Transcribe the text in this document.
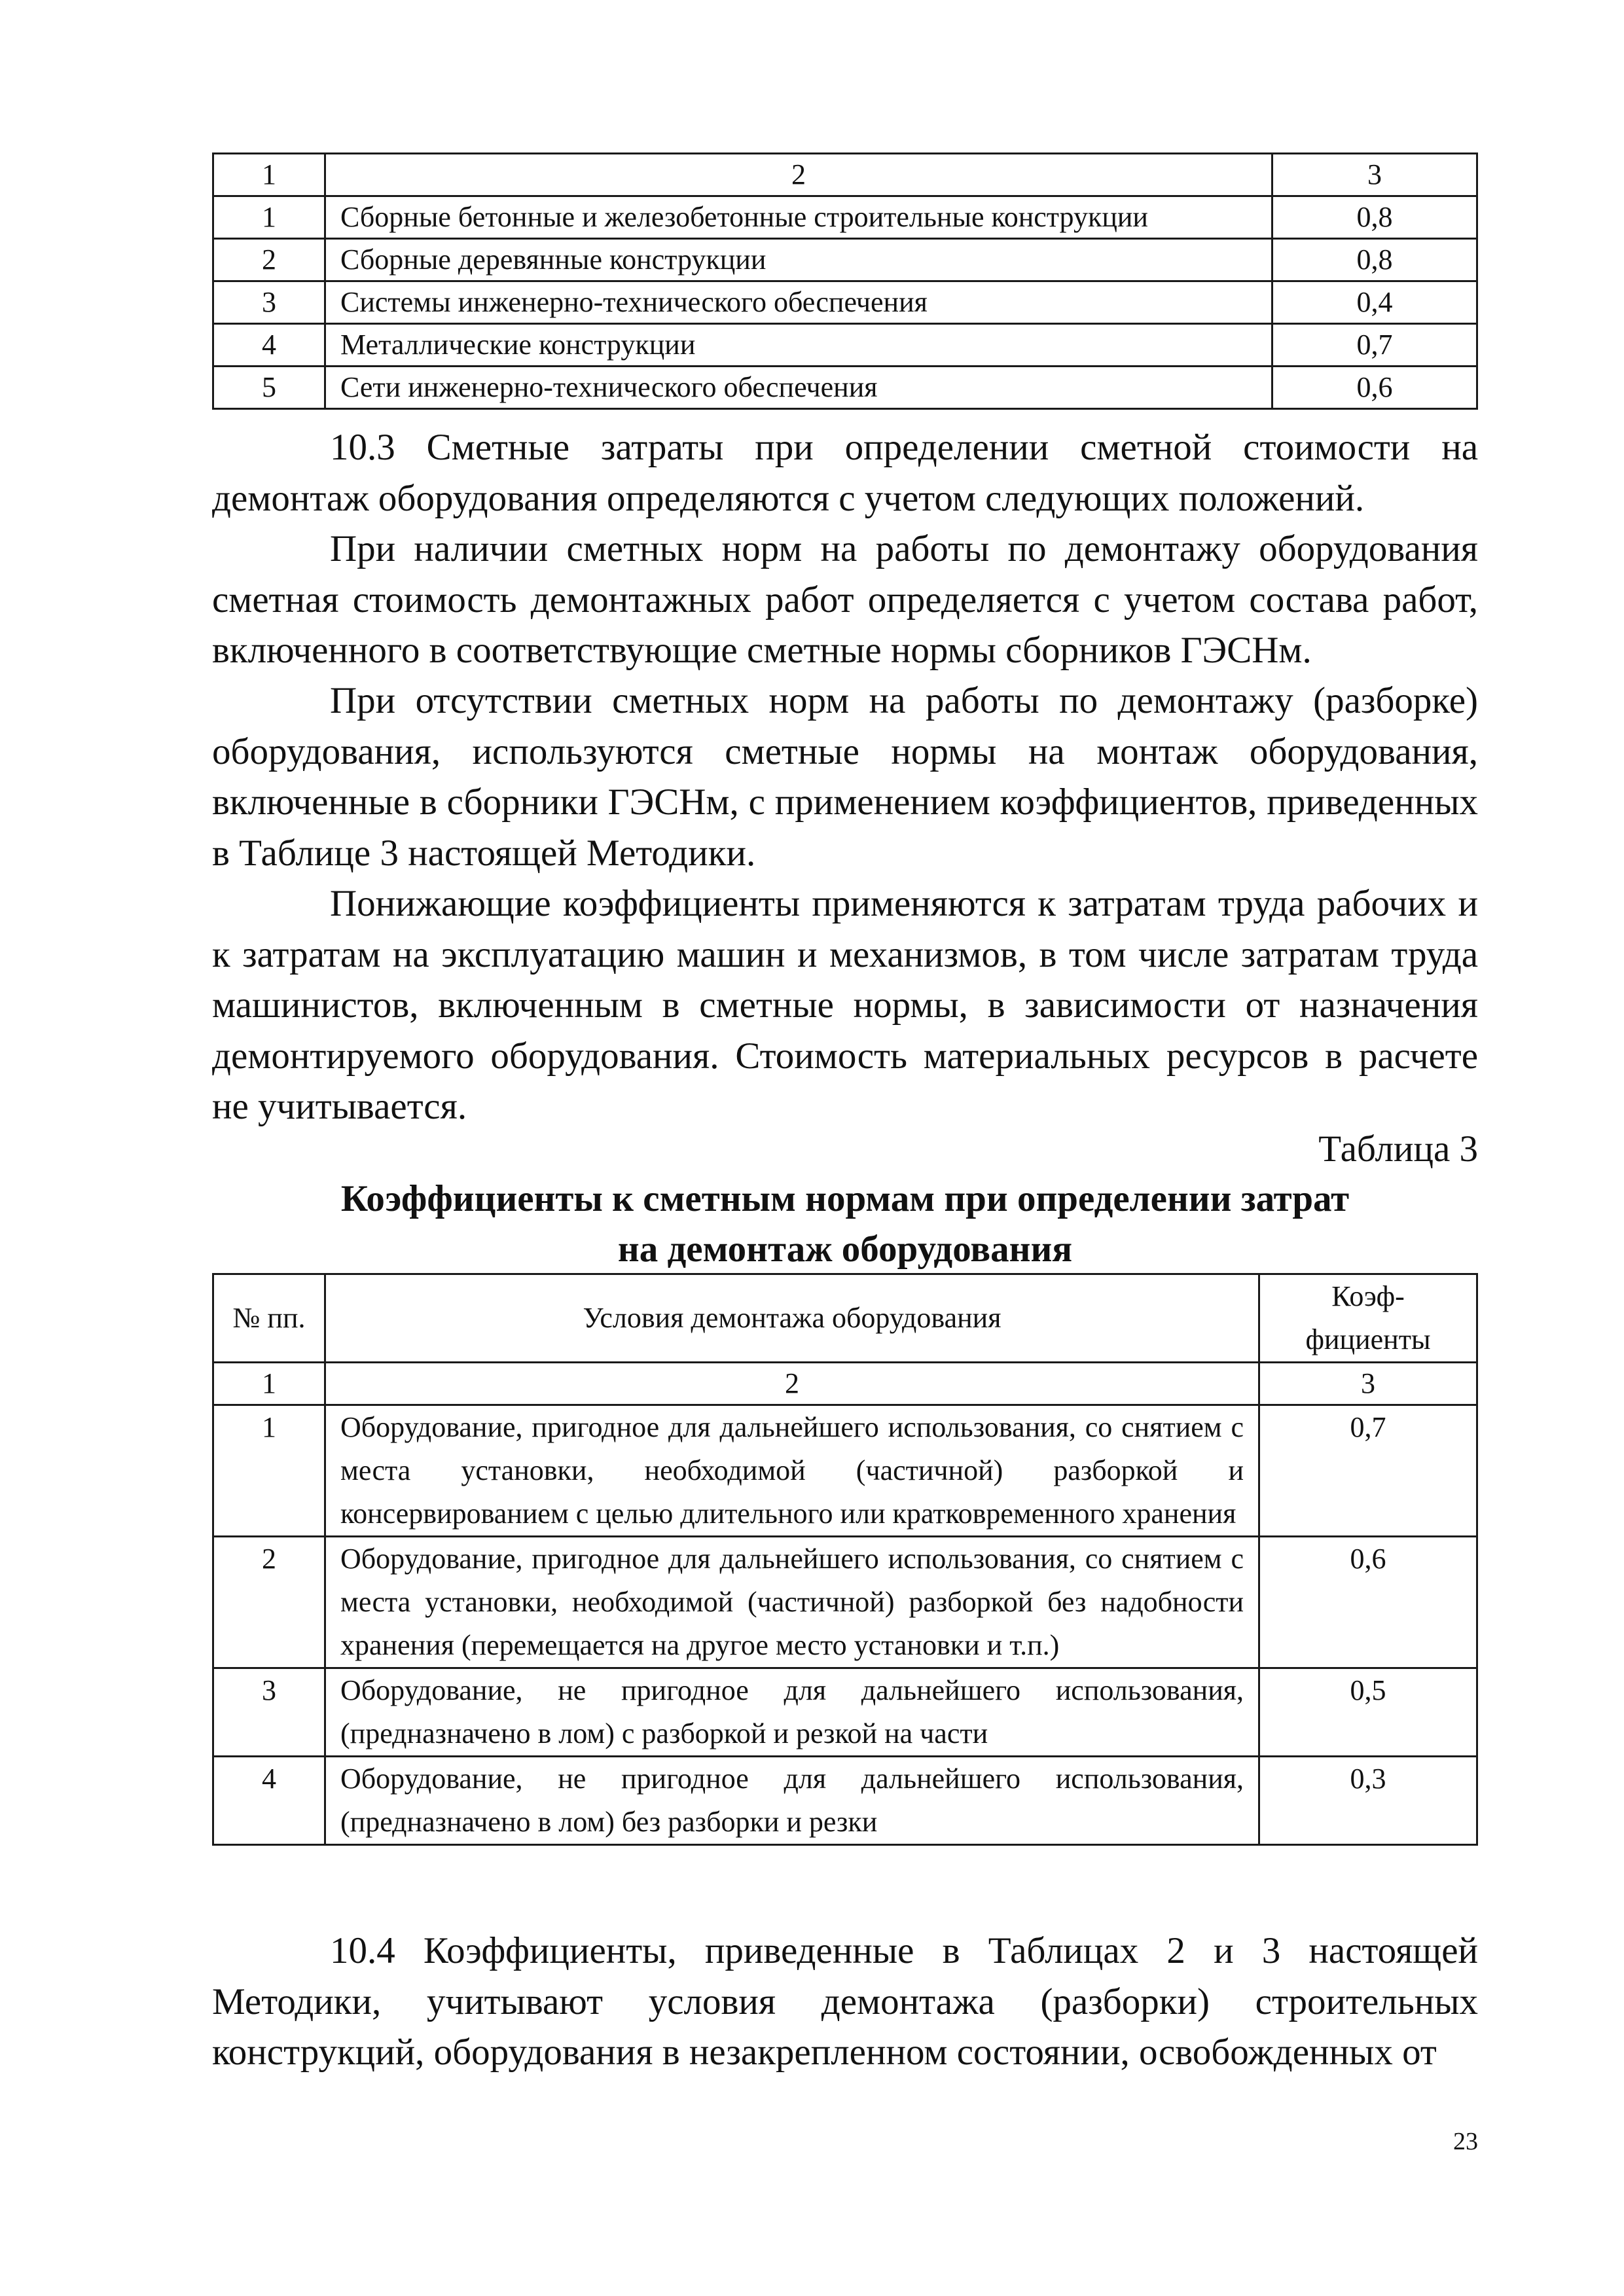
1	2	3
1	Сборные бетонные и железобетонные строительные конструкции	0,8
2	Сборные деревянные конструкции	0,8
3	Системы инженерно-технического обеспечения	0,4
4	Металлические конструкции	0,7
5	Сети инженерно-технического обеспечения	0,6

10.3 Сметные затраты при определении сметной стоимости на демонтаж оборудования определяются с учетом следующих положений.

При наличии сметных норм на работы по демонтажу оборудования сметная стоимость демонтажных работ определяется с учетом состава работ, включенного в соответствующие сметные нормы сборников ГЭСНм.

При отсутствии сметных норм на работы по демонтажу (разборке) оборудования, используются сметные нормы на монтаж оборудования, включенные в сборники ГЭСНм, с применением коэффициентов, приведенных в Таблице 3 настоящей Методики.

Понижающие коэффициенты применяются к затратам труда рабочих и к затратам на эксплуатацию машин и механизмов, в том числе затратам труда машинистов, включенным в сметные нормы, в зависимости от назначения демонтируемого оборудования. Стоимость материальных ресурсов в расчете не учитывается.

Таблица 3
Коэффициенты к сметным нормам при определении затрат
на демонтаж оборудования
№ пп.	Условия демонтажа оборудования	Коэф-
фициенты

1	2	3
1	Оборудование, пригодное для дальнейшего использования, со снятием с места установки, необходимой (частичной) разборкой и консервированием с целью длительного или кратковременного хранения	0,7
2	Оборудование, пригодное для дальнейшего использования, со снятием с места установки, необходимой (частичной) разборкой без надобности хранения (перемещается на другое место установки и т.п.)	0,6
3	Оборудование, не пригодное для дальнейшего использования, (предназначено в лом) с разборкой и резкой на части	0,5
4	Оборудование, не пригодное для дальнейшего использования, (предназначено в лом) без разборки и резки	0,3

10.4 Коэффициенты, приведенные в Таблицах 2 и 3 настоящей Методики, учитывают условия демонтажа (разборки) строительных конструкций, оборудования в незакрепленном состоянии, освобожденных от

23
